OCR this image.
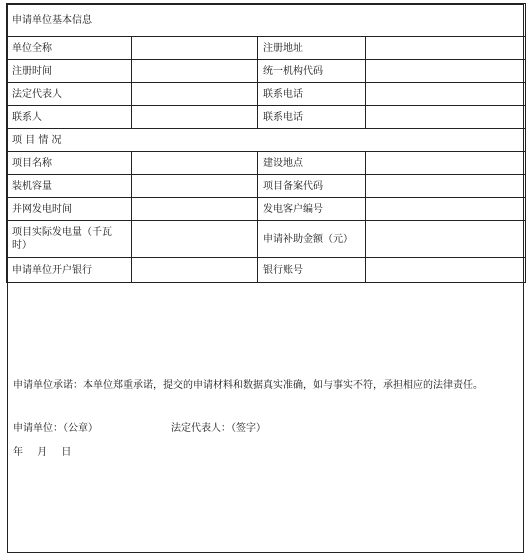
申请单位基本信息			
单位全称		注册地址	
注册时间		统一机构代码	
法定代表人		联系电话	
联系人		联系电话	
项 目 情 况			
项目名称		建设地点	
装机容量		项目备案代码	
并网发电时间		发电客户编号	
项目实际发电量（千瓦时）		申请补助金额（元）	
申请单位开户银行		银行账号	
申请单位承诺：本单位郑重承诺，提交的申请材料和数据真实准确，如与事实不符，承担相应的法律责任。
申请单位：（公章）	法定代表人：（签字）
年 月 日
